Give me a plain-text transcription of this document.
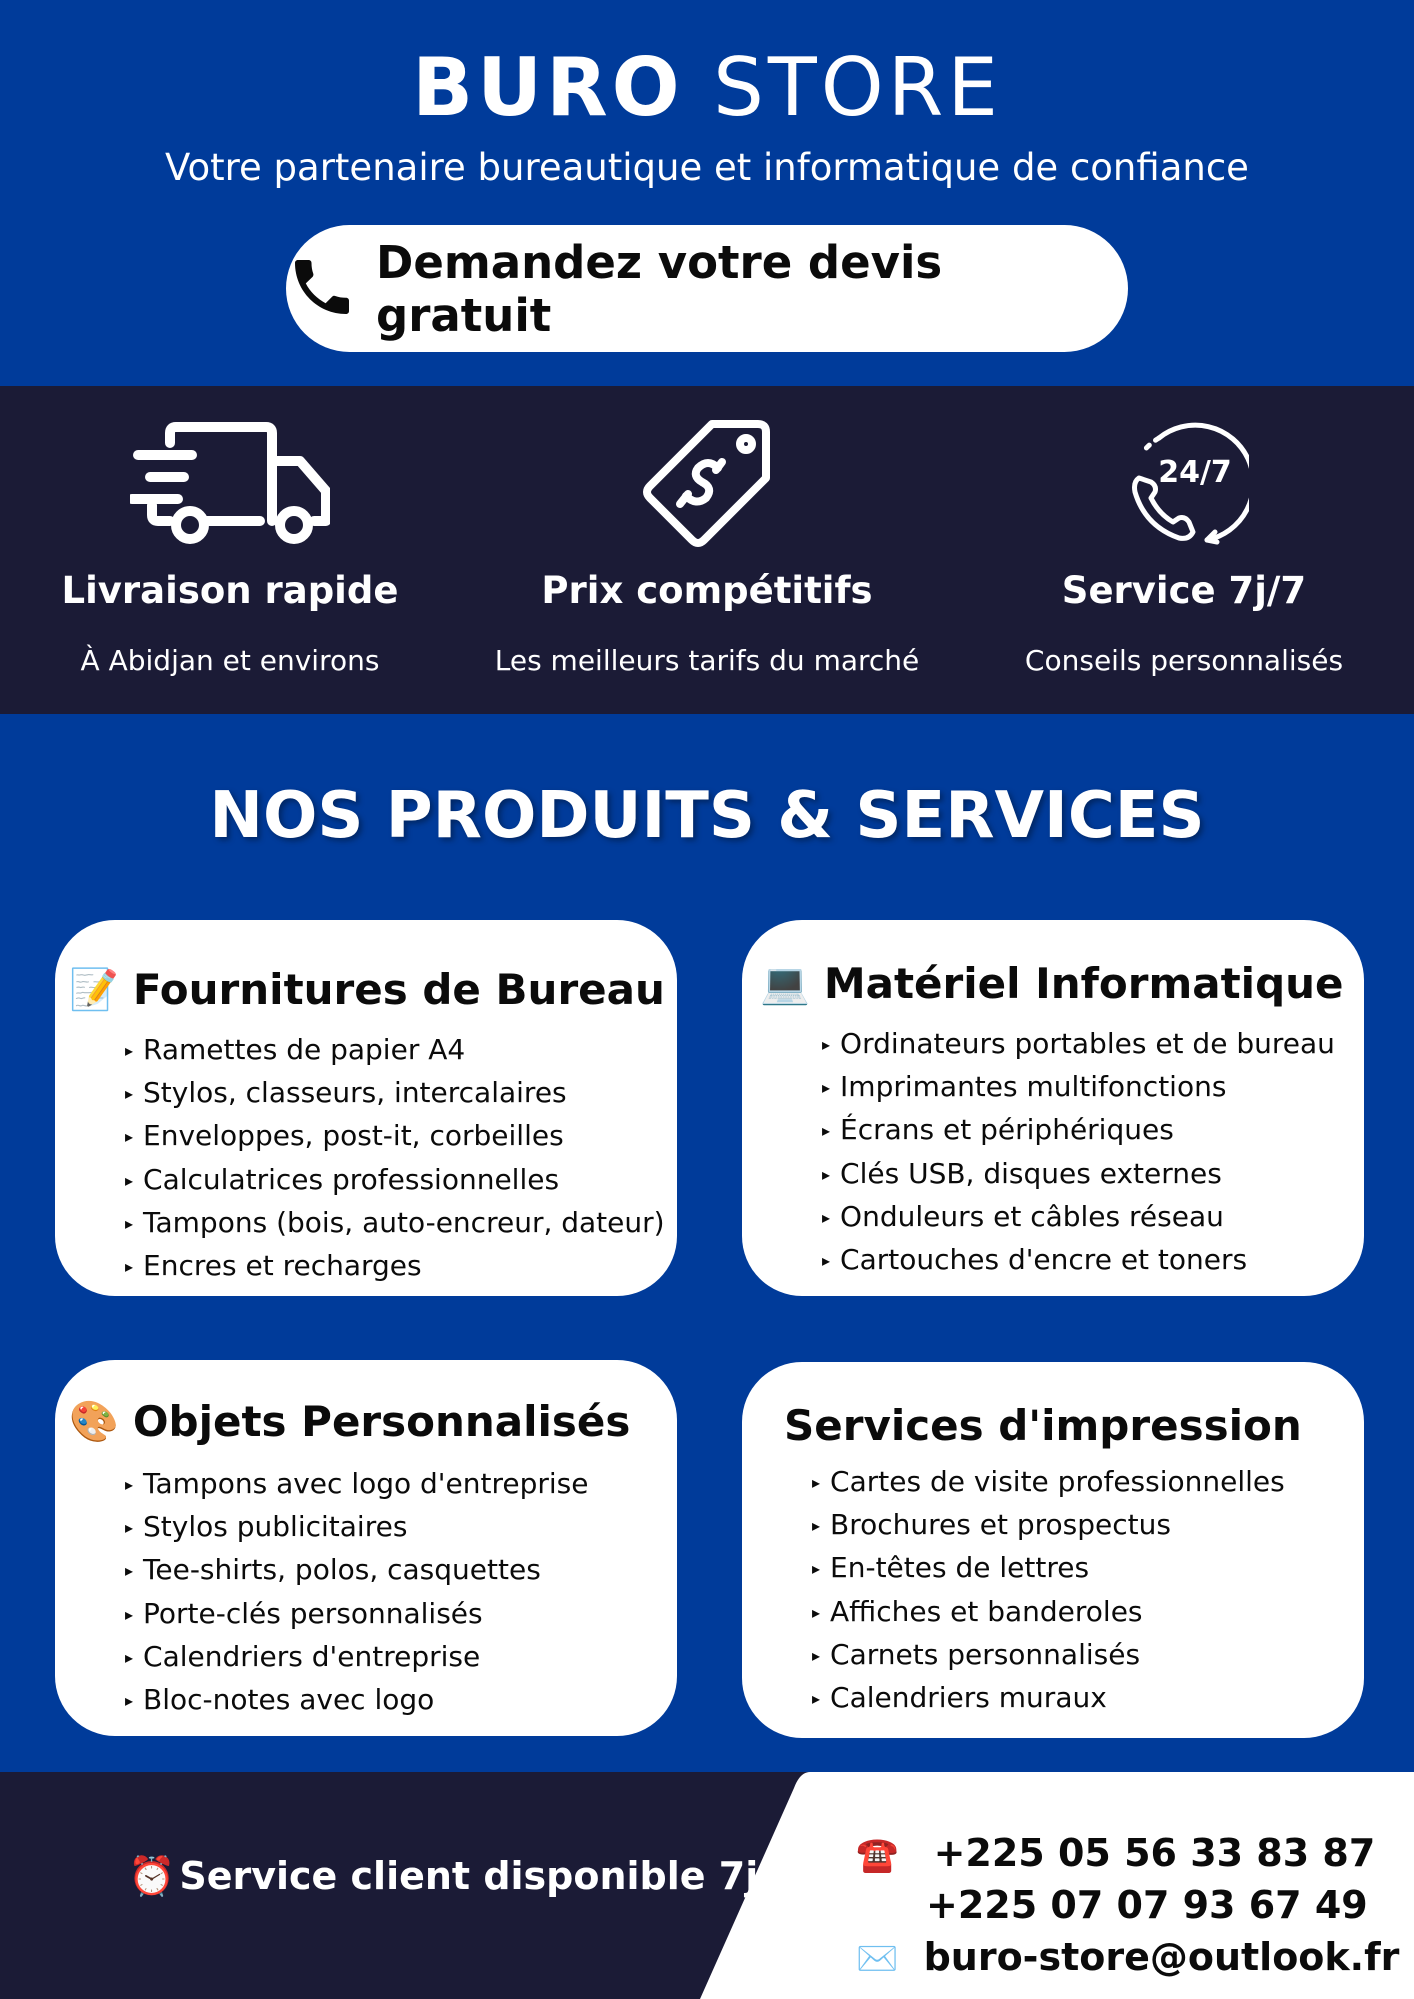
BURO STORE
Votre partenaire bureautique et informatique de confiance
Demandez votre devis gratuit
Livraison rapide
À Abidjan et environs
Prix compétitifs
Les meilleurs tarifs du marché
24/7
Service 7j/7
Conseils personnalisés
NOS PRODUITS & SERVICES
📝 Fournitures de Bureau
▸ Ramettes de papier A4
▸ Stylos, classeurs, intercalaires
▸ Enveloppes, post-it, corbeilles
▸ Calculatrices professionnelles
▸ Tampons (bois, auto-encreur, dateur)
▸ Encres et recharges
💻 Matériel Informatique
▸ Ordinateurs portables et de bureau
▸ Imprimantes multifonctions
▸ Écrans et périphériques
▸ Clés USB, disques externes
▸ Onduleurs et câbles réseau
▸ Cartouches d'encre et toners
🎨 Objets Personnalisés
▸ Tampons avec logo d'entreprise
▸ Stylos publicitaires
▸ Tee-shirts, polos, casquettes
▸ Porte-clés personnalisés
▸ Calendriers d'entreprise
▸ Bloc-notes avec logo
Services d'impression
▸ Cartes de visite professionnelles
▸ Brochures et prospectus
▸ En-têtes de lettres
▸ Affiches et banderoles
▸ Carnets personnalisés
▸ Calendriers muraux
⏰ Service client disponible 7j/7 ☎️ +225 05 56 33 83 87
+225 07 07 93 67 49
✉️ buro-store@outlook.fr
